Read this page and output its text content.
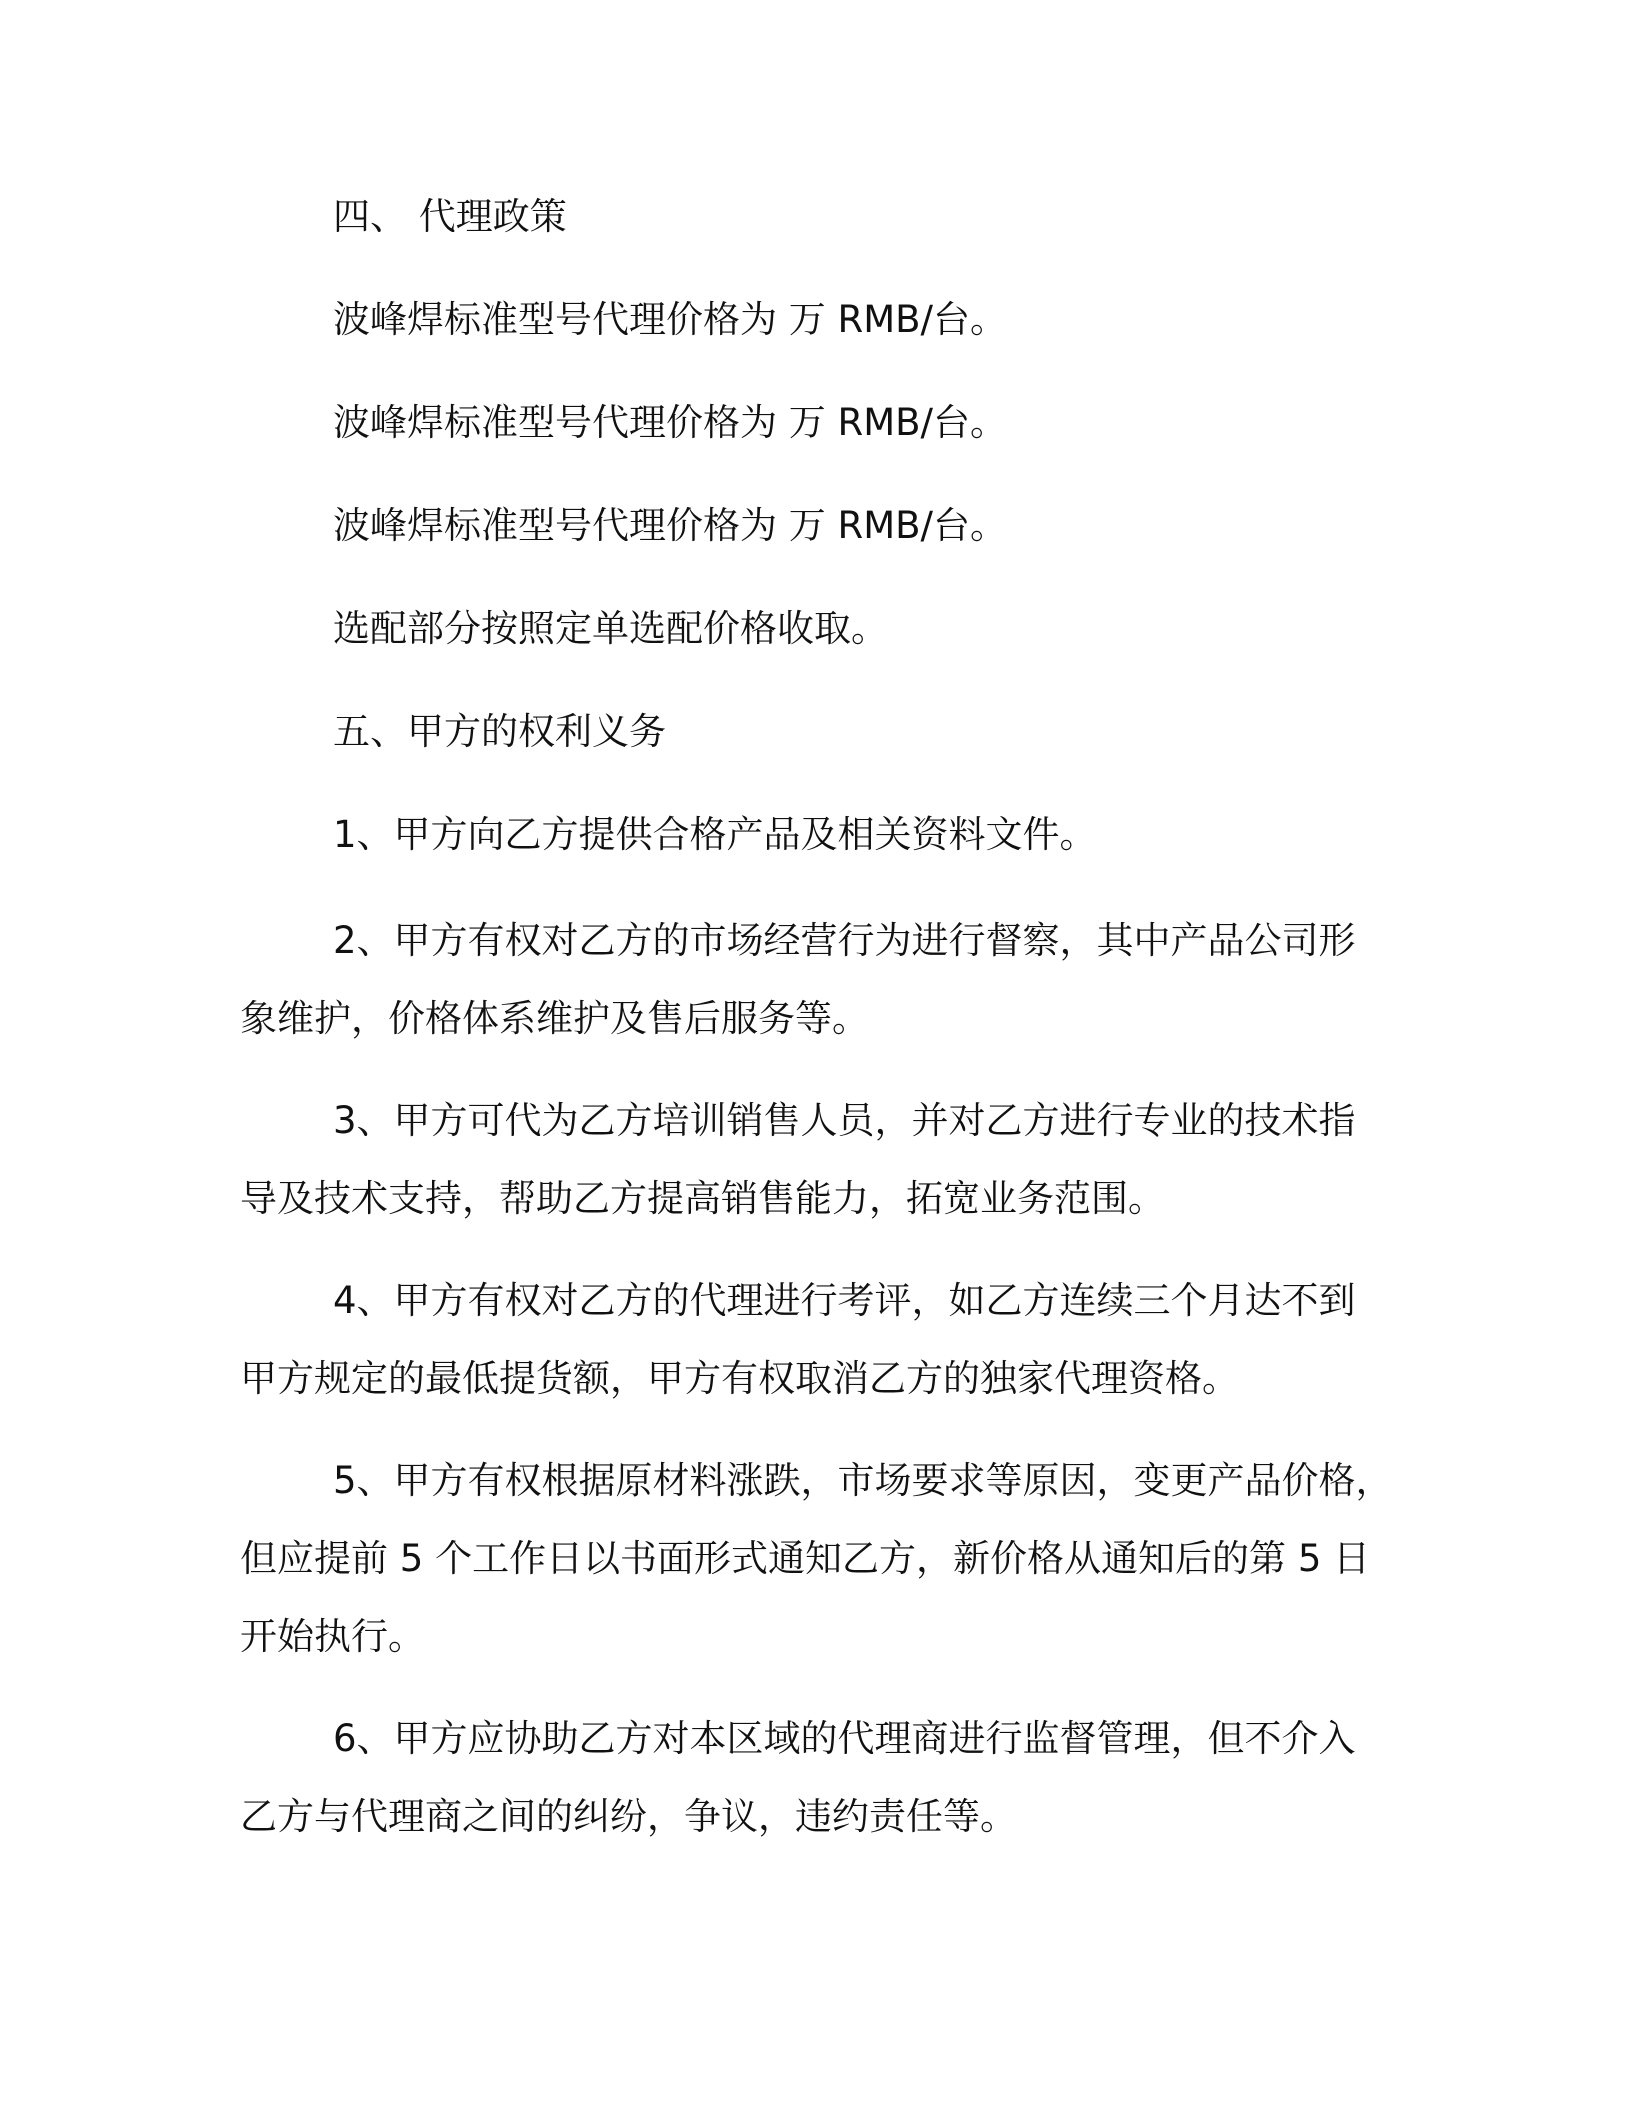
四、 代理政策

波峰焊标准型号代理价格为 万 RMB/台。

波峰焊标准型号代理价格为 万 RMB/台。

波峰焊标准型号代理价格为 万 RMB/台。

选配部分按照定单选配价格收取。

五、甲方的权利义务

1、甲方向乙方提供合格产品及相关资料文件。

2、甲方有权对乙方的市场经营行为进行督察，其中产品公司形

象维护，价格体系维护及售后服务等。

3、甲方可代为乙方培训销售人员，并对乙方进行专业的技术指

导及技术支持，帮助乙方提高销售能力，拓宽业务范围。

4、甲方有权对乙方的代理进行考评，如乙方连续三个月达不到

甲方规定的最低提货额，甲方有权取消乙方的独家代理资格。

5、甲方有权根据原材料涨跌，市场要求等原因，变更产品价格，

但应提前 5 个工作日以书面形式通知乙方，新价格从通知后的第 5 日

开始执行。

6、甲方应协助乙方对本区域的代理商进行监督管理，但不介入

乙方与代理商之间的纠纷，争议，违约责任等。
